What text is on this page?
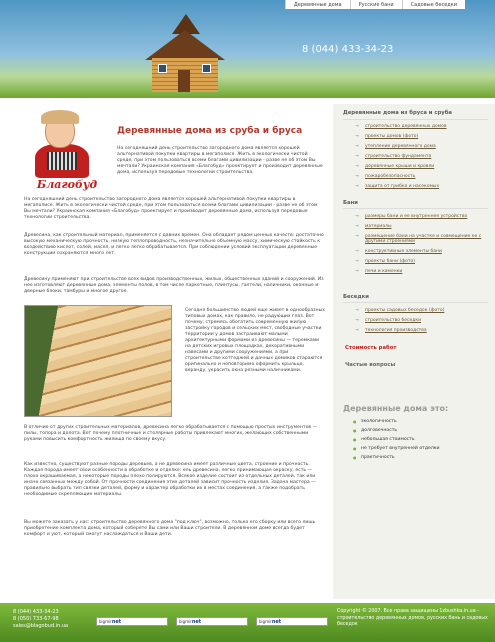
Деревянные дома	Русские бани	Садовые беседки
8 (044) 433-34-23
Благобуд
Деревянные дома из сруба и бруса

На сегодняшний день строительство загородного дома является хорошей альтернативой покупки квартиры в мегаполисе. Жить в экологически чистой среде, при этом пользоваться всеми благами цивилизации - разве не об этом Вы мечтали? Украинская компания «Благобуд» проектирует и производит деревянные дома, используя передовые технологии строительства.

На сегодняшний день строительство загородного дома является хорошей альтернативой покупки квартиры в мегаполисе. Жить в экологически чистой среде, при этом пользоваться всеми благами цивилизации - разве не об этом Вы мечтали? Украинская компания «Благобуд» проектирует и производит деревянные дома, используя передовые технологии строительства.

Древесина, как строительный материал, применяется с давних времен. Она обладает рядом ценных качеств: достаточно высокую механическую прочность, низкую теплопроводность, незначительно объемную массу, химическую стойкость к воздействию кислот, солей, масел, и легко легко обрабатывается. При соблюдении условий эксплуатации деревянные конструкции сохраняются много лет.

Древесину применяют при строительстве всех видов производственных, жилых, общественных зданий и сооружений. Из нее изготовляют деревянные дома, элементы полов, в том числе паркетные, плинтусы, галтели, наличники, оконные и дверные блоки, тамбуры и многое другое.

Сегодня большинство людей еще живет в однообразных типовых домах, как правило, не радующих глаз. Вот почему, стремясь обогатить современную жилую застройку городов и сельских мест, свободные участки территории у домов застраивают малыми архитектурными формами из древесины — теремками на детских игровых площадках, декоративными навесами и другими сооружениями, а при строительстве коттеджей и дачных домиков стараются оригинально и неповторимо оформить крыльцо, веранду, украсить окна резными наличниками.

В отличие от других строительных материалов, древесина легко обрабатывается с помощью простых инструментов — пилы, топора и долота. Вот почему плотничные и столярные работы привлекают многих, желающих собственными руками повысить комфортность жилища по своему вкусу.

Как известно, существуют разные породы деревьев, а не древесина имеет различные цвета, строение и прочность. Каждая порода имеет свои особенности в обработке и отделке: ель древесина, легко принимающая окраску, есть — плохо окрашиваемая, а некоторые породы плохо полируются. Всякое изделие состоит из отдельных деталей, так или иначе связанных между собой. От прочности соединения этих деталей зависит прочность изделия. Задача мастера — правильно выбрать тип связки деталей, форму и характер обработки их в местах соединения, а также подобрать необходимые скрепляющие материалы.

Вы можете заказать у нас: строительство деревянного дома "под ключ", возможно, только его сборку или всего лишь приобретение комплекта дома, который соберете Вы сами или Ваши строители. В деревянном доме всегда будет комфорт и уют, который смогут наслаждаться и Ваши дети.

Деревянные дома из бруса и сруба
→ строительство деревянных домов
→ проекты домов (фото)
→ утепление деревянного дома
→ строительство фундамента
→ деревянные крыши и кровли
→ пожаробезопасность
→ защита от грибка и насекомых
Бани
→ размеры бани и ее внутреннее устройство
→ материалы
→ размещение бани на участке и совмещение ее с другими строениями
→ конструктивные элементы бани
→ проекты бани (фото)
→ печи и каменки
Беседки
→ проекты садовых беседок (фото)
→ строительство беседки
→ технология производства
Стоимость работ
Частые вопросы
Деревянные дома это:
● экологичность
● долговечность
● небольшая стоимость
● не требует внутренней отделки
● практичность
8 (044) 433-34-23
8 (050) 733-67-98
sales@blagobud.in.ua
bigmirnet	bigmirnet	bigmirnet
Copyright © 2007. Все права защищены 1zbushka.in.ua - строительство деревянных домов, русских бань и садовых беседок
